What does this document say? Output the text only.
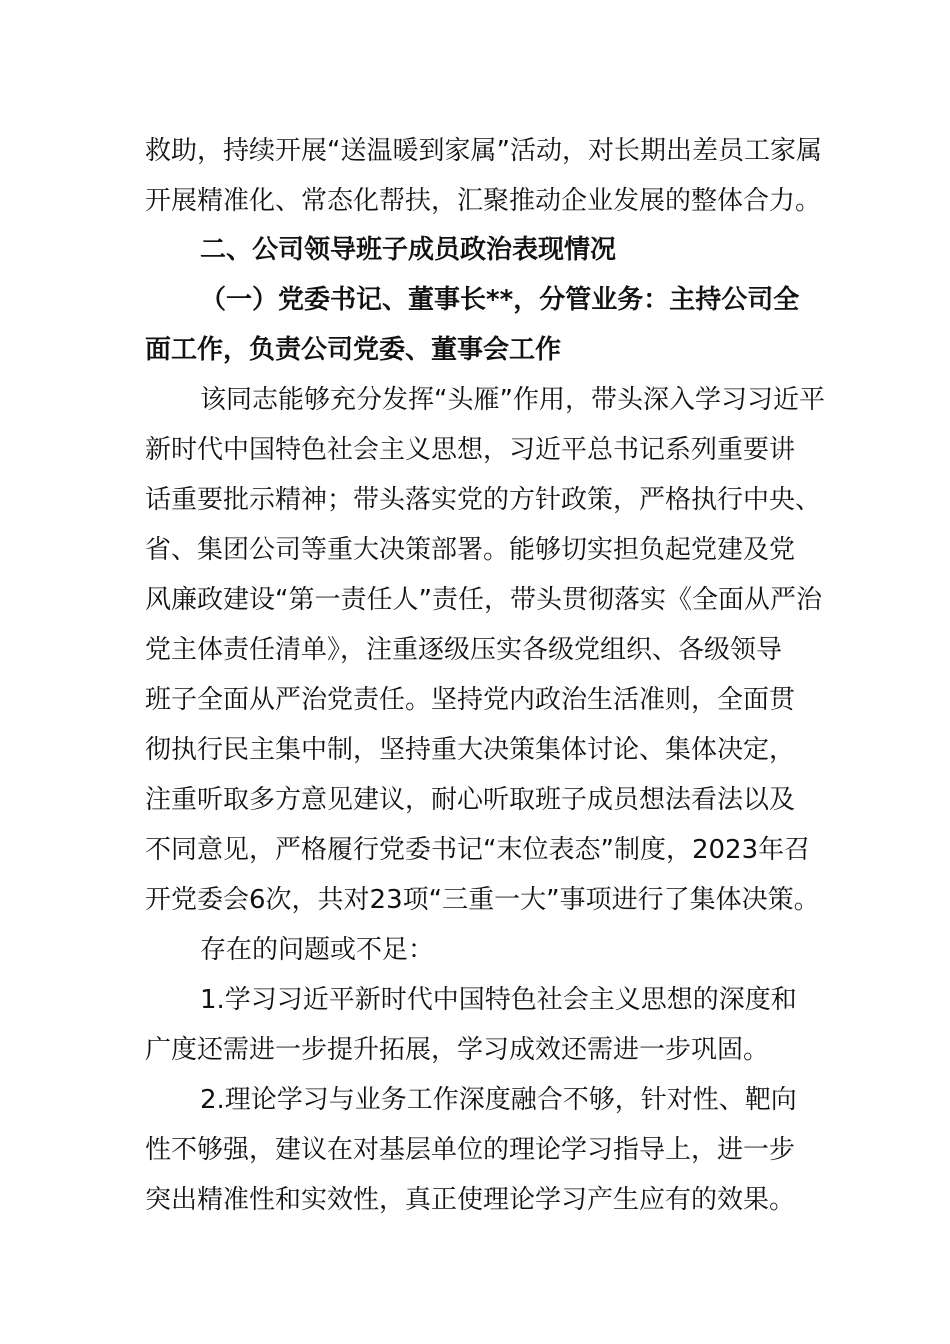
救助，持续开展“送温暖到家属”活动，对长期出差员工家属
开展精准化、常态化帮扶，汇聚推动企业发展的整体合力。
二、公司领导班子成员政治表现情况
（一）党委书记、董事长**，分管业务：主持公司全
面工作，负责公司党委、董事会工作
该同志能够充分发挥“头雁”作用，带头深入学习习近平
新时代中国特色社会主义思想，习近平总书记系列重要讲
话重要批示精神；带头落实党的方针政策，严格执行中央、
省、集团公司等重大决策部署。能够切实担负起党建及党
风廉政建设“第一责任人”责任，带头贯彻落实《全面从严治
党主体责任清单》，注重逐级压实各级党组织、各级领导
班子全面从严治党责任。坚持党内政治生活准则，全面贯
彻执行民主集中制，坚持重大决策集体讨论、集体决定，
注重听取多方意见建议，耐心听取班子成员想法看法以及
不同意见，严格履行党委书记“末位表态”制度，2023年召
开党委会6次，共对23项“三重一大”事项进行了集体决策。
存在的问题或不足：
1.学习习近平新时代中国特色社会主义思想的深度和
广度还需进一步提升拓展，学习成效还需进一步巩固。
2.理论学习与业务工作深度融合不够，针对性、靶向
性不够强，建议在对基层单位的理论学习指导上，进一步
突出精准性和实效性，真正使理论学习产生应有的效果。
